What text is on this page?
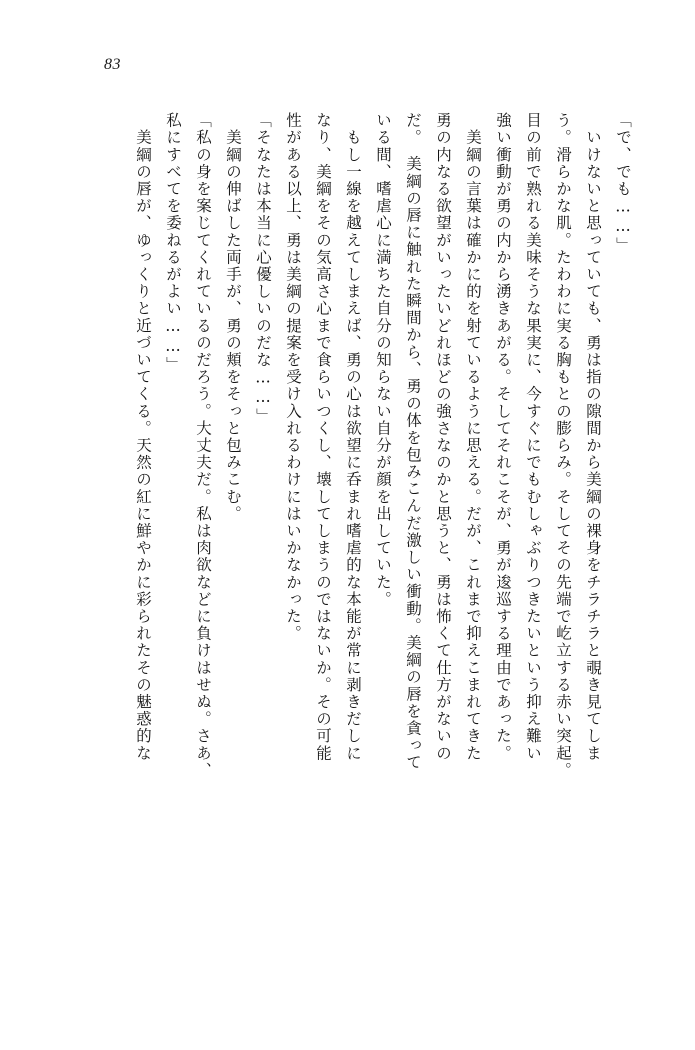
83
「で、でも……」
　いけないと思っていても、勇は指の隙間から美綱の裸身をチラチラと覗き見てしま
う。滑らかな肌。たわわに実る胸もとの膨らみ。そしてその先端で屹立する赤い突起。
目の前で熟れる美味そうな果実に、今すぐにでもむしゃぶりつきたいという抑え難い
強い衝動が勇の内から湧きあがる。そしてそれこそが、勇が逡巡する理由であった。
　美綱の言葉は確かに的を射ているように思える。だが、これまで抑えこまれてきた
勇の内なる欲望がいったいどれほどの強さなのかと思うと、勇は怖くて仕方がないの
だ。　美綱の唇に触れた瞬間から、勇の体を包みこんだ激しい衝動。美綱の唇を貪って
いる間、嗜虐心に満ちた自分の知らない自分が顔を出していた。
　もし一線を越えてしまえば、勇の心は欲望に呑まれ嗜虐的な本能が常に剥きだしに
なり、美綱をその気高さ心まで食らいつくし、壊してしまうのではないか。その可能
性がある以上、勇は美綱の提案を受け入れるわけにはいかなかった。
「そなたは本当に心優しいのだな……」
　美綱の伸ばした両手が、勇の頬をそっと包みこむ。
「私の身を案じてくれているのだろう。大丈夫だ。私は肉欲などに負けはせぬ。さあ、
私にすべてを委ねるがよい……」
　美綱の唇が、ゆっくりと近づいてくる。天然の紅に鮮やかに彩られたその魅惑的な
